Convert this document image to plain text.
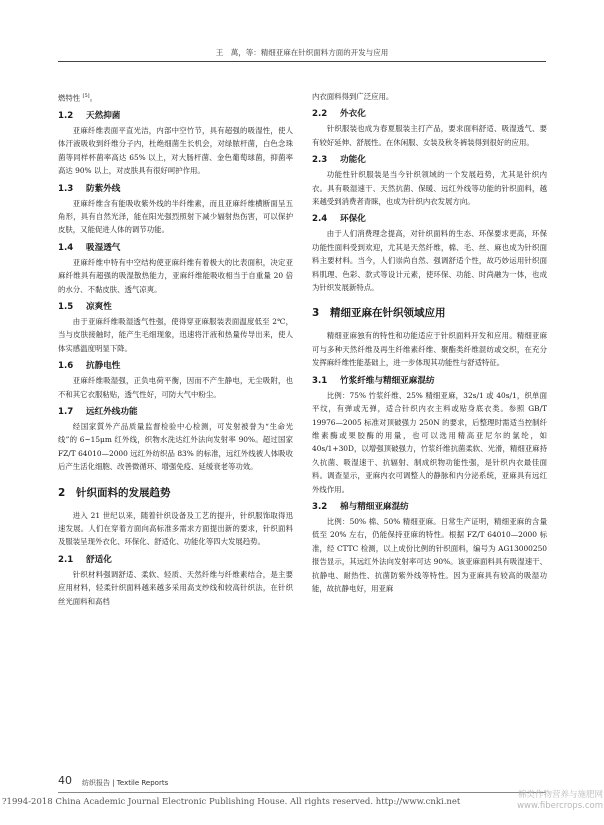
王　萬，等：精细亚麻在针织面料方面的开发与应用

燃特性 [5]。

1.2 天然抑菌

亚麻纤维表面平直光洁，内部中空竹节，具有超强的吸湿性，使人体汗液吸收到纤维分子内，杜绝细菌生长机会，对绿脓杆菌，白色念珠菌等同样杯菌率高达 65% 以上，对大肠杆菌、金色葡萄球菌，抑菌率高达 90% 以上，对皮肤具有很好呵护作用。

1.3 防紫外线

亚麻纤维含有能吸收紫外线的半纤维素，而且亚麻纤维横断面呈五角形，具有自然光泽，能在阳光强烈照射下减少辐射热伤害，可以保护皮肤，又能促进人体的调节功能。

1.4 吸湿透气

亚麻纤维中特有中空结构使亚麻纤维有着极大的比表面积，决定亚麻纤维具有超强的吸湿散热能力，亚麻纤维能吸收相当于自重量 20 倍的水分、不黏皮肤、透气凉爽。

1.5 凉爽性

由于亚麻纤维吸湿透气性强，使得穿亚麻服装表面温度低至 2℃，当与皮肤接触时，能产生毛细现象，迅速将汗液和热量传导出来，使人体实感温度明显下降。

1.6 抗静电性

亚麻纤维吸湿强，正负电荷平衡，因而不产生静电，无尘吸附，也不和其它衣服粘贴，透气性好，可防大气中粉尘。

1.7 远红外线功能

经国家質外产品质量监督检验中心检测，可发射被誉为“生命光线”的 6~15μm 红外线，织物水洗达红外法向发射率 90%。超过国家 FZ/T 64010—2000 远红外纺织品 83% 的标准，远红外线被人体吸收后产生活化细胞、改善微循环、增强免疫、延缓衰老等功效。

2 针织面料的发展趋势

进入 21 世纪以来，随着针织设备及工艺的提升，针织服饰取得迅速发展。人们在穿着方面向高标准多需求方面提出新的要求，针织面料及服装呈现外衣化、环保化、舒适化、功能化等四大发展趋势。

2.1 舒适化

针织材料强调舒适、柔软、轻质、天然纤维与纤维素结合，是主要应用材料，轻柔针织面料越来越多采用高支纱线和较高针织法，在针织丝光面料和高档

内衣面料得到广泛应用。

2.2 外衣化

针织服装也成为春夏服装主打产品，要求面料舒适、吸湿透气、要有较好延伸、舒展性。在休闲服、女装及秋冬裤装得到很好的应用。

2.3 功能化

功能性针织服装是当今针织领域的一个发展趋势，尤其是针织内衣。具有吸湿速干、天然抗菌、保暖、远红外线等功能的针织面料，越来越受到消费者青睐，也成为针织内衣发展方向。

2.4 环保化

由于人们消费理念提高，对针织面料的生态、环保要求更高，环保功能性面料受到欢迎，尤其是天然纤维，棉、毛、丝、麻也成为针织面料主要材料。当今，人们崇尚自然、强调舒适个性，故巧妙运用针织面料肌理、色彩、款式等设计元素，使环保、功能、时尚融为一体，也成为针织发展新特点。

3 精细亚麻在针织领域应用

精细亚麻独有的特性和功能适应于针织面料开发和应用。精细亚麻可与多种天然纤维及再生纤维素纤维、聚酯类纤维混纺或交织，在充分发挥麻纤维性能基础上，进一步体现其功能性与舒适特征。

3.1 竹浆纤维与精细亚麻混纺

比例：75% 竹浆纤维、25% 精细亚麻，32s/1 或 40s/1，织单面平纹，有弹或无弹，适合针织内衣主料或贴身底衣类。参照 GB/T 19976—2005 标准对顶破强力 250N 的要求，后整理时需适当控制纤维素酶或果胶酶的用量，也可以选用精高亚尼尔的氯纶，如 40s/1+30D，以增强顶破强力，竹浆纤维抗菌柔软、光滑，精细亚麻持久抗菌、吸湿速干、抗辐射、制成织物功能性强，是针织内衣最佳面料。调查显示，亚麻内衣可调整人的静脉和内分泌系统，亚麻具有远红外线作用。

3.2 棉与精细亚麻混纺

比例：50% 棉、50% 精细亚麻。日常生产证明，精细亚麻的含量低至 20% 左右，仍能保持亚麻的特性。根据 FZ/T 64010—2000 标准，经 CTTC 检测，以上成份比例的针织面料，编号为 AG13000250 报告显示，其远红外法向发射率可达 90%。该亚麻面料具有吸湿速干、抗静电、耐热性、抗菌防紫外线等特性。因为亚麻具有较高的吸湿功能，故抗静电好，用亚麻

40 纺织报告 | Textile Reports
?1994-2018 China Academic Journal Electronic Publishing House. All rights reserved. http://www.cnki.net
棉类作物营养与施肥网
www.fibercrops.com
